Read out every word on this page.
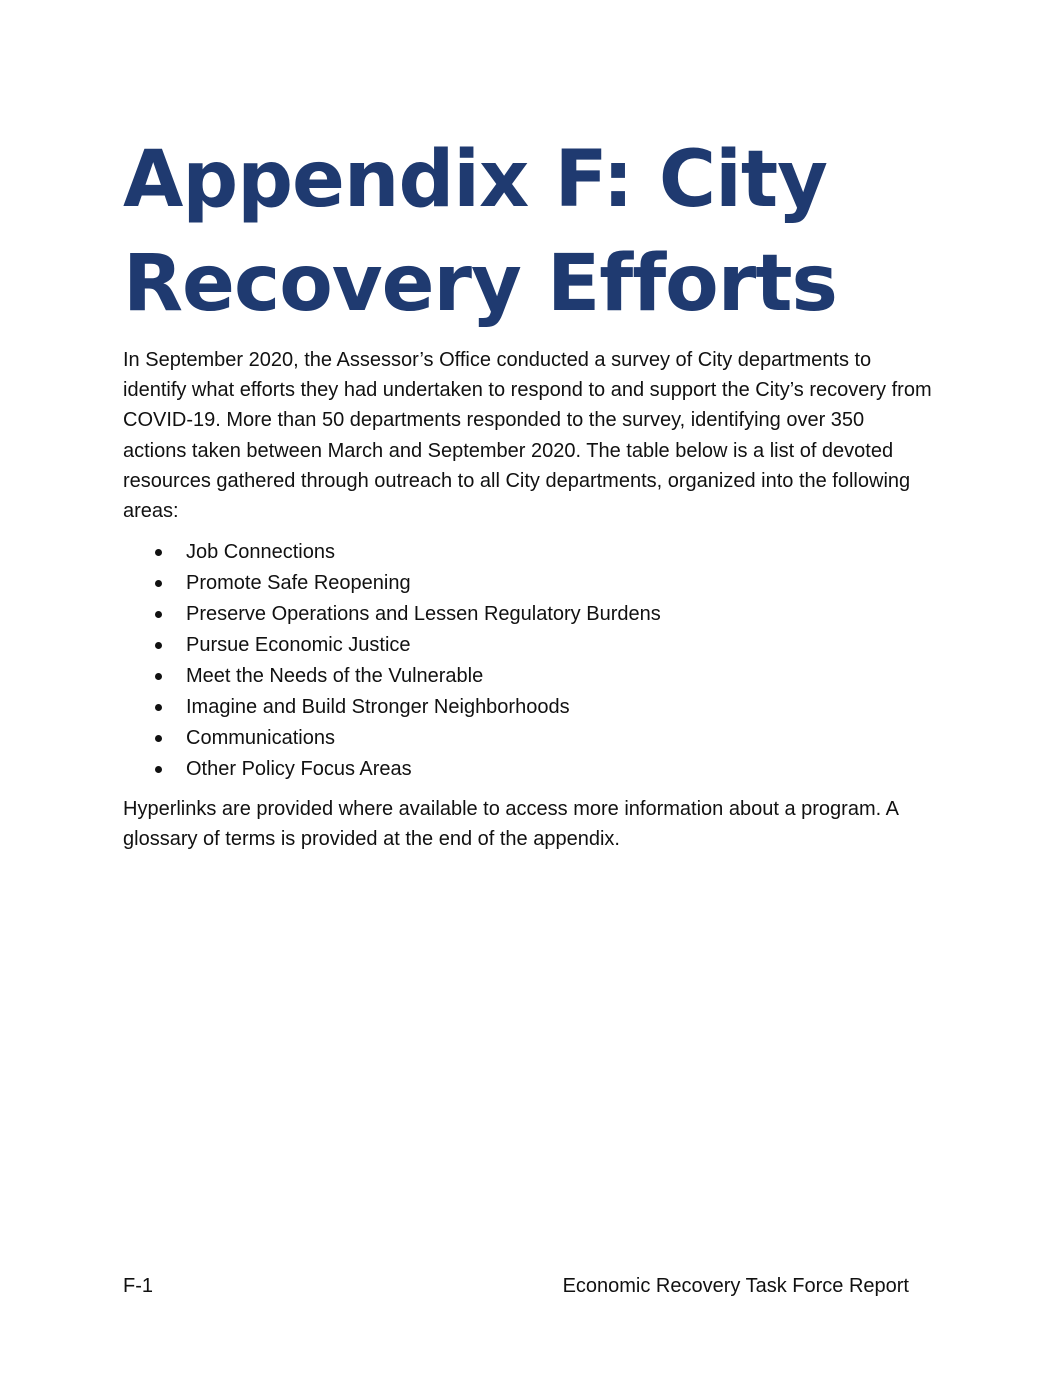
Appendix F: City
Recovery Efforts

In September 2020, the Assessor’s Office conducted a survey of City departments to identify what efforts they had undertaken to respond to and support the City’s recovery from COVID-19. More than 50 departments responded to the survey, identifying over 350 actions taken between March and September 2020. The table below is a list of devoted resources gathered through outreach to all City departments, organized into the following areas:

Job Connections
Promote Safe Reopening
Preserve Operations and Lessen Regulatory Burdens
Pursue Economic Justice
Meet the Needs of the Vulnerable
Imagine and Build Stronger Neighborhoods
Communications
Other Policy Focus Areas

Hyperlinks are provided where available to access more information about a program. A glossary of terms is provided at the end of the appendix.

F-1	Economic Recovery Task Force Report
